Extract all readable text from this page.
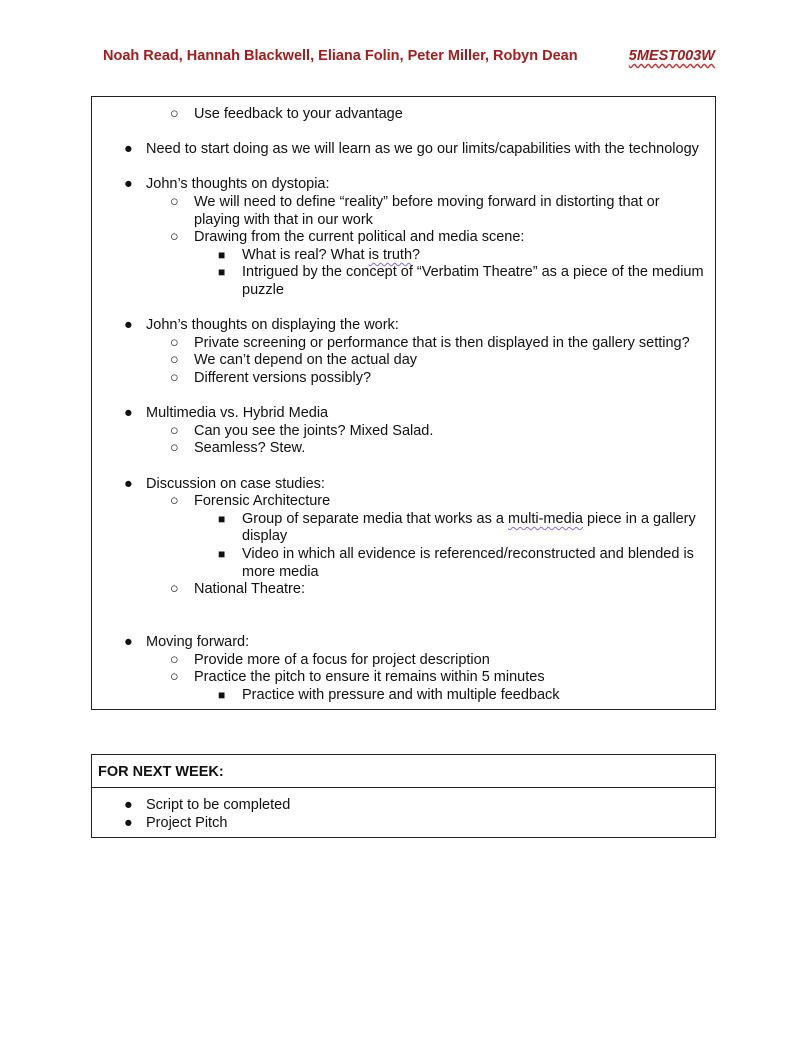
Noah Read, Hannah Blackwell, Eliana Folin, Peter Miller, Robyn Dean	5MEST003W
○ Use feedback to your advantage
● Need to start doing as we will learn as we go our limits/capabilities with the technology
● John’s thoughts on dystopia:
○ We will need to define “reality” before moving forward in distorting that or
playing with that in our work
○ Drawing from the current political and media scene:
■ What is real? What is truth?
■ Intrigued by the concept of “Verbatim Theatre” as a piece of the medium
puzzle
● John’s thoughts on displaying the work:
○ Private screening or performance that is then displayed in the gallery setting?
○ We can’t depend on the actual day
○ Different versions possibly?
● Multimedia vs. Hybrid Media
○ Can you see the joints? Mixed Salad.
○ Seamless? Stew.
● Discussion on case studies:
○ Forensic Architecture
■ Group of separate media that works as a multi-media piece in a gallery
display
■ Video in which all evidence is referenced/reconstructed and blended is
more media
○ National Theatre:
● Moving forward:
○ Provide more of a focus for project description
○ Practice the pitch to ensure it remains within 5 minutes
■ Practice with pressure and with multiple feedback
FOR NEXT WEEK:
● Script to be completed
● Project Pitch
